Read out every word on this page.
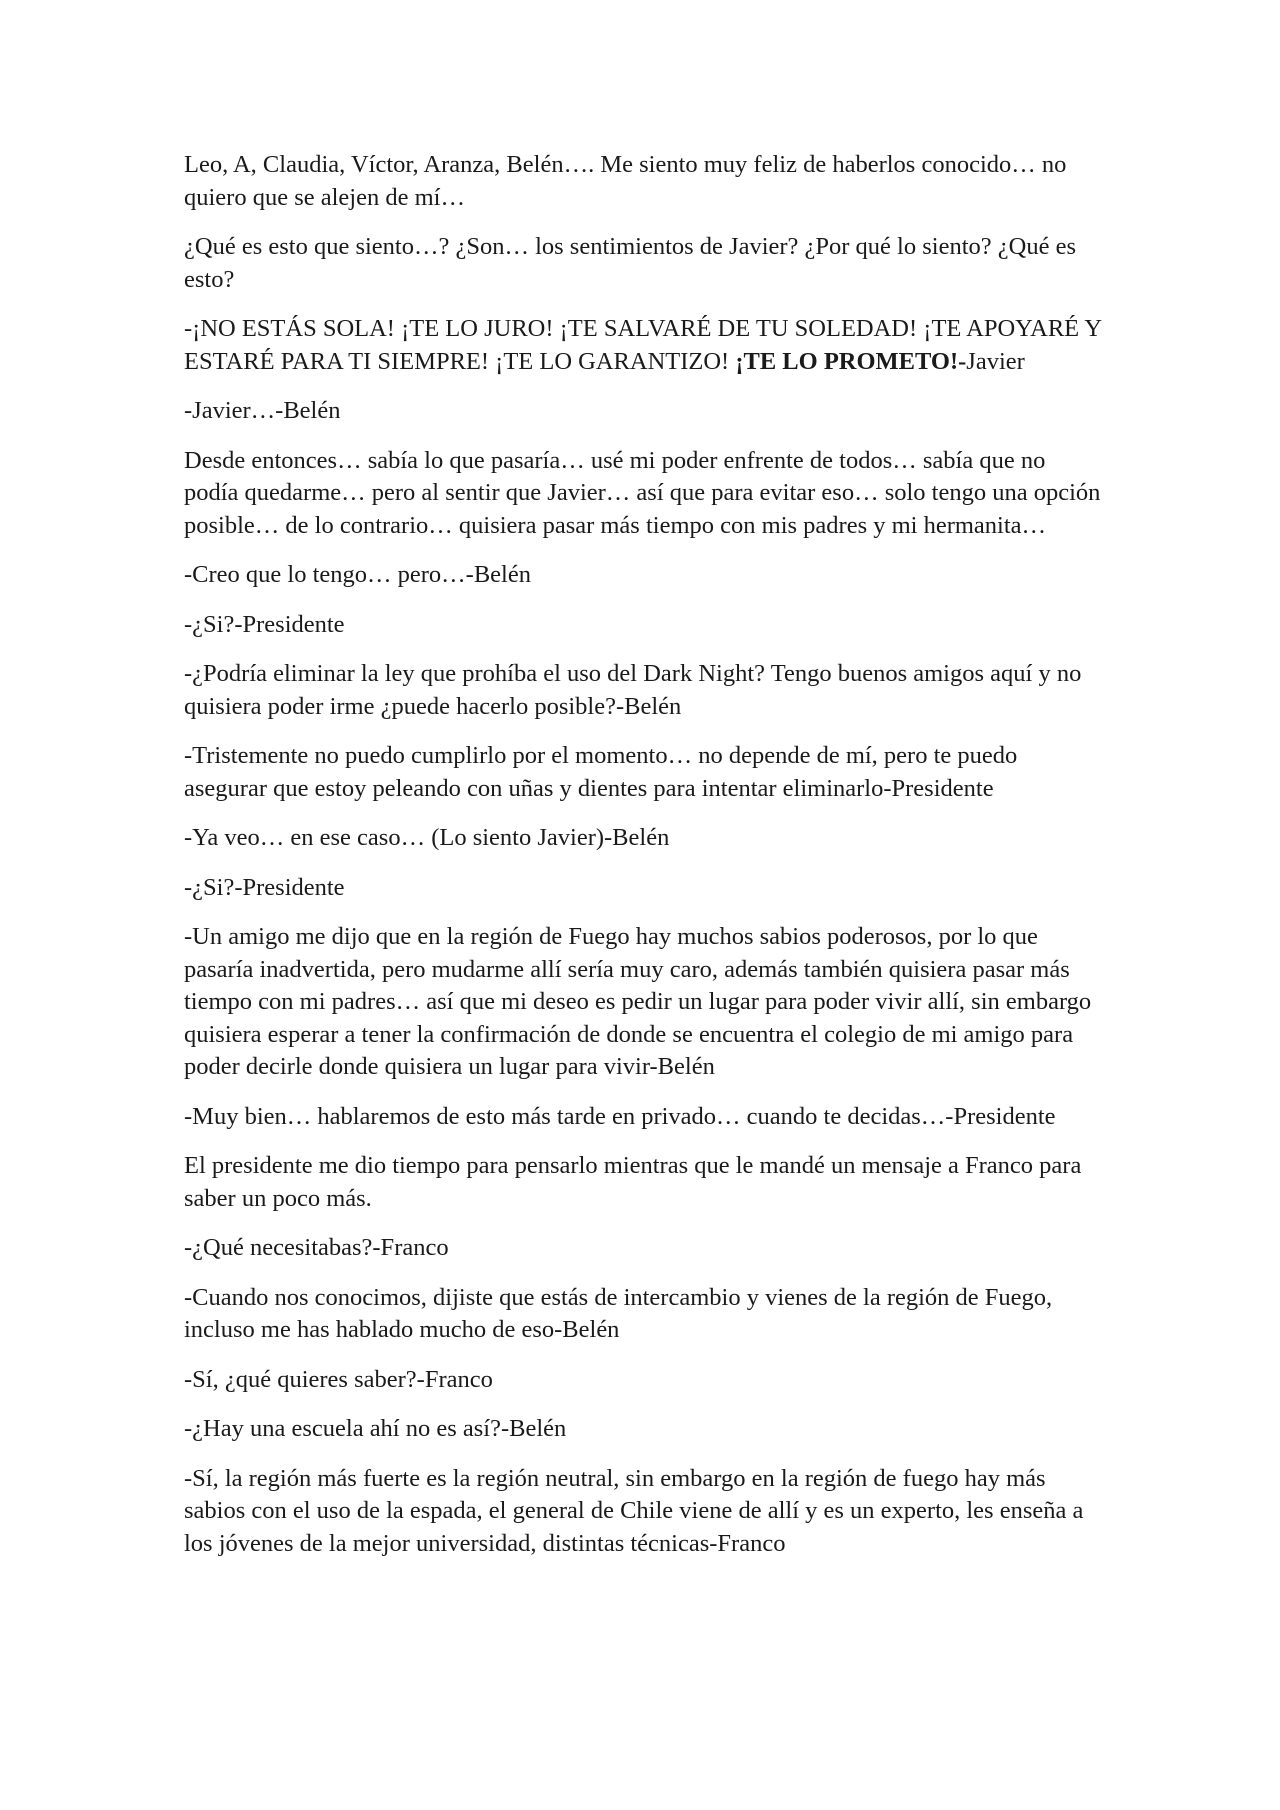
Leo, A, Claudia, Víctor, Aranza, Belén…. Me siento muy feliz de haberlos conocido… no quiero que se alejen de mí…

¿Qué es esto que siento…? ¿Son… los sentimientos de Javier? ¿Por qué lo siento? ¿Qué es esto?

-¡NO ESTÁS SOLA! ¡TE LO JURO! ¡TE SALVARÉ DE TU SOLEDAD! ¡TE APOYARÉ Y ESTARÉ PARA TI SIEMPRE! ¡TE LO GARANTIZO! ¡TE LO PROMETO!-Javier

-Javier…-Belén

Desde entonces… sabía lo que pasaría… usé mi poder enfrente de todos… sabía que no podía quedarme… pero al sentir que Javier… así que para evitar eso… solo tengo una opción posible… de lo contrario… quisiera pasar más tiempo con mis padres y mi hermanita…

-Creo que lo tengo… pero…-Belén

-¿Si?-Presidente

-¿Podría eliminar la ley que prohíba el uso del Dark Night? Tengo buenos amigos aquí y no quisiera poder irme ¿puede hacerlo posible?-Belén

-Tristemente no puedo cumplirlo por el momento… no depende de mí, pero te puedo asegurar que estoy peleando con uñas y dientes para intentar eliminarlo-Presidente

-Ya veo… en ese caso… (Lo siento Javier)-Belén

-¿Si?-Presidente

-Un amigo me dijo que en la región de Fuego hay muchos sabios poderosos, por lo que pasaría inadvertida, pero mudarme allí sería muy caro, además también quisiera pasar más tiempo con mi padres… así que mi deseo es pedir un lugar para poder vivir allí, sin embargo quisiera esperar a tener la confirmación de donde se encuentra el colegio de mi amigo para poder decirle donde quisiera un lugar para vivir-Belén

-Muy bien… hablaremos de esto más tarde en privado… cuando te decidas…-Presidente

El presidente me dio tiempo para pensarlo mientras que le mandé un mensaje a Franco para saber un poco más.

-¿Qué necesitabas?-Franco

-Cuando nos conocimos, dijiste que estás de intercambio y vienes de la región de Fuego, incluso me has hablado mucho de eso-Belén

-Sí, ¿qué quieres saber?-Franco

-¿Hay una escuela ahí no es así?-Belén

-Sí, la región más fuerte es la región neutral, sin embargo en la región de fuego hay más sabios con el uso de la espada, el general de Chile viene de allí y es un experto, les enseña a los jóvenes de la mejor universidad, distintas técnicas-Franco
